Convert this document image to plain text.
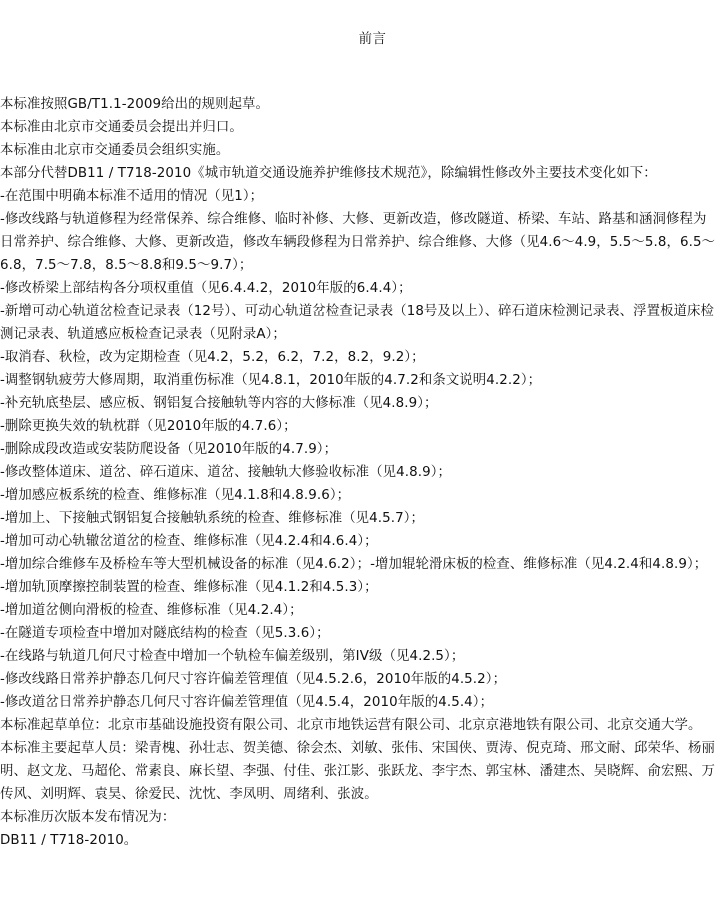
前言

本标准按照GB/T1.1-2009给出的规则起草。

本标准由北京市交通委员会提出并归口。

本标准由北京市交通委员会组织实施。

本部分代替DB11 / T718-2010《城市轨道交通设施养护维修技术规范》，除编辑性修改外主要技术变化如下：

-在范围中明确本标准不适用的情况（见1）；

-修改线路与轨道修程为经常保养、综合维修、临时补修、大修、更新改造，修改隧道、桥梁、车站、路基和涵洞修程为日常养护、综合维修、大修、更新改造，修改车辆段修程为日常养护、综合维修、大修（见4.6～4.9，5.5～5.8，6.5～6.8，7.5～7.8，8.5～8.8和9.5～9.7）；

-修改桥梁上部结构各分项权重值（见6.4.4.2，2010年版的6.4.4）；

-新增可动心轨道岔检查记录表（12号）、可动心轨道岔检查记录表（18号及以上）、碎石道床检测记录表、浮置板道床检测记录表、轨道感应板检查记录表（见附录A）；

-取消春、秋检，改为定期检查（见4.2，5.2，6.2，7.2，8.2，9.2）；

-调整钢轨疲劳大修周期，取消重伤标准（见4.8.1，2010年版的4.7.2和条文说明4.2.2）；

-补充轨底垫层、感应板、钢铝复合接触轨等内容的大修标准（见4.8.9）；

-删除更换失效的轨枕群（见2010年版的4.7.6）；

-删除成段改造或安装防爬设备（见2010年版的4.7.9）；

-修改整体道床、道岔、碎石道床、道岔、接触轨大修验收标准（见4.8.9）；

-增加感应板系统的检查、维修标准（见4.1.8和4.8.9.6）；

-增加上、下接触式钢铝复合接触轨系统的检查、维修标准（见4.5.7）；

-增加可动心轨辙岔道岔的检查、维修标准（见4.2.4和4.6.4）；

-增加综合维修车及桥检车等大型机械设备的标准（见4.6.2）；-增加辊轮滑床板的检查、维修标准（见4.2.4和4.8.9）；

-增加轨顶摩擦控制装置的检查、维修标准（见4.1.2和4.5.3）；

-增加道岔侧向滑板的检查、维修标准（见4.2.4）；

-在隧道专项检查中增加对隧底结构的检查（见5.3.6）；

-在线路与轨道几何尺寸检查中增加一个轨检车偏差级别，第IV级（见4.2.5）；

-修改线路日常养护静态几何尺寸容许偏差管理值（见4.5.2.6，2010年版的4.5.2）；

-修改道岔日常养护静态几何尺寸容许偏差管理值（见4.5.4，2010年版的4.5.4）；

本标准起草单位：北京市基础设施投资有限公司、北京市地铁运营有限公司、北京京港地铁有限公司、北京交通大学。

本标准主要起草人员：梁青槐、孙壮志、贺美德、徐会杰、刘敏、张伟、宋国侠、贾涛、倪克琦、邢文耐、邱荣华、杨丽明、赵文龙、马超伦、常素良、麻长望、李强、付佳、张江影、张跃龙、李宇杰、郭宝林、潘建杰、吴晓辉、俞宏熙、万传风、刘明辉、袁昊、徐爱民、沈忱、李凤明、周绪利、张波。

本标准历次版本发布情况为：

DB11 / T718-2010。
